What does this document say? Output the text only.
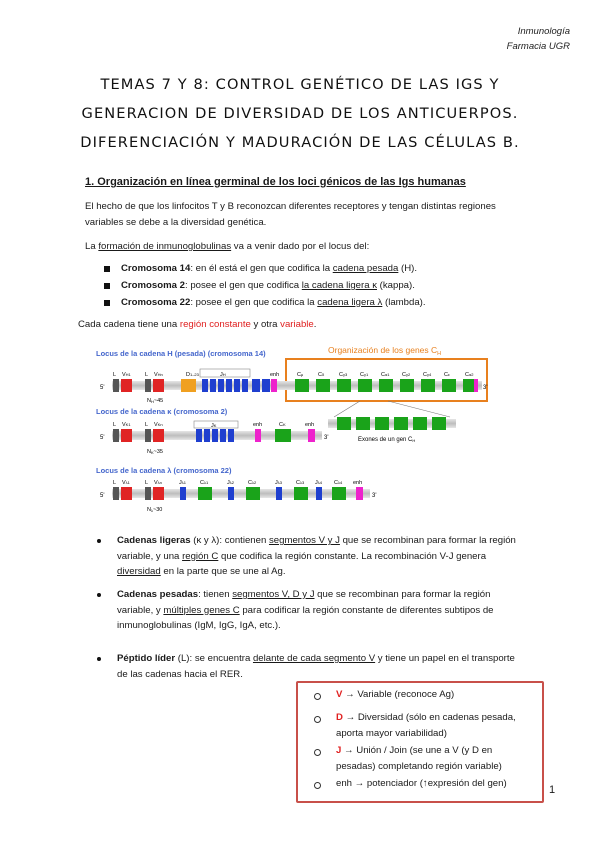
Inmunología
Farmacia UGR
TEMAS 7 Y 8: CONTROL GENÉTICO DE LAS IGS Y
GENERACION DE DIVERSIDAD DE LOS ANTICUERPOS.
DIFERENCIACIÓN Y MADURACIÓN DE LAS CÉLULAS B.
1. Organización en línea germinal de los loci génicos de las Igs humanas
El hecho de que los linfocitos T y B reconozcan diferentes receptores y tengan distintas regiones
variables se debe a la diversidad genética.
La formación de inmunoglobulinas va a venir dado por el locus del:
Cromosoma 14: en él está el gen que codifica la cadena pesada (H).
Cromosoma 2: posee el gen que codifica la cadena ligera κ (kappa).
Cromosoma 22: posee el gen que codifica la cadena ligera λ (lambda).
Cada cadena tiene una región constante y otra variable.
Locus de la cadena H (pesada) (cromosoma 14)	Organización de los genes $C_H$
5'	3'
D1–23	JH
L VH1	L VHn	enh	Cμ	Cδ	Cγ3 Cγ1 Cα1 Cγ2 Cγ4 Cε	Cα2
NH~45
Locus de la cadena κ (cromosoma 2)
5'	3'
L VK1	L VKn	JK	enh	CK	enh
NK~35
Exones de un gen CH
Locus de la cadena λ (cromosoma 22)
5'	3'
L Vλ1	L Vλn	Jλ1	Cλ1	Jλ2	Cλ2	Jλ3	Cλ3 Jλ4 Cλ4 enh
Nλ~30
Cadenas ligeras (κ y λ): contienen segmentos V y J que se recombinan para formar la región
variable, y una región C que codifica la región constante. La recombinación V-J genera
diversidad en la parte que se une al Ag.
Cadenas pesadas: tienen segmentos V, D y J que se recombinan para formar la región
variable, y múltiples genes C para codificar la región constante de diferentes subtipos de
inmunoglobulinas (IgM, IgG, IgA, etc.).
Péptido líder (L): se encuentra delante de cada segmento V y tiene un papel en el transporte
de las cadenas hacia el RER.
V → Variable (reconoce Ag)
D → Diversidad (sólo en cadenas pesada,
aporta mayor variabilidad)
J → Unión / Join (se une a V (y D en
pesadas) completando región variable)
enh → potenciador (↑expresión del gen)
1
